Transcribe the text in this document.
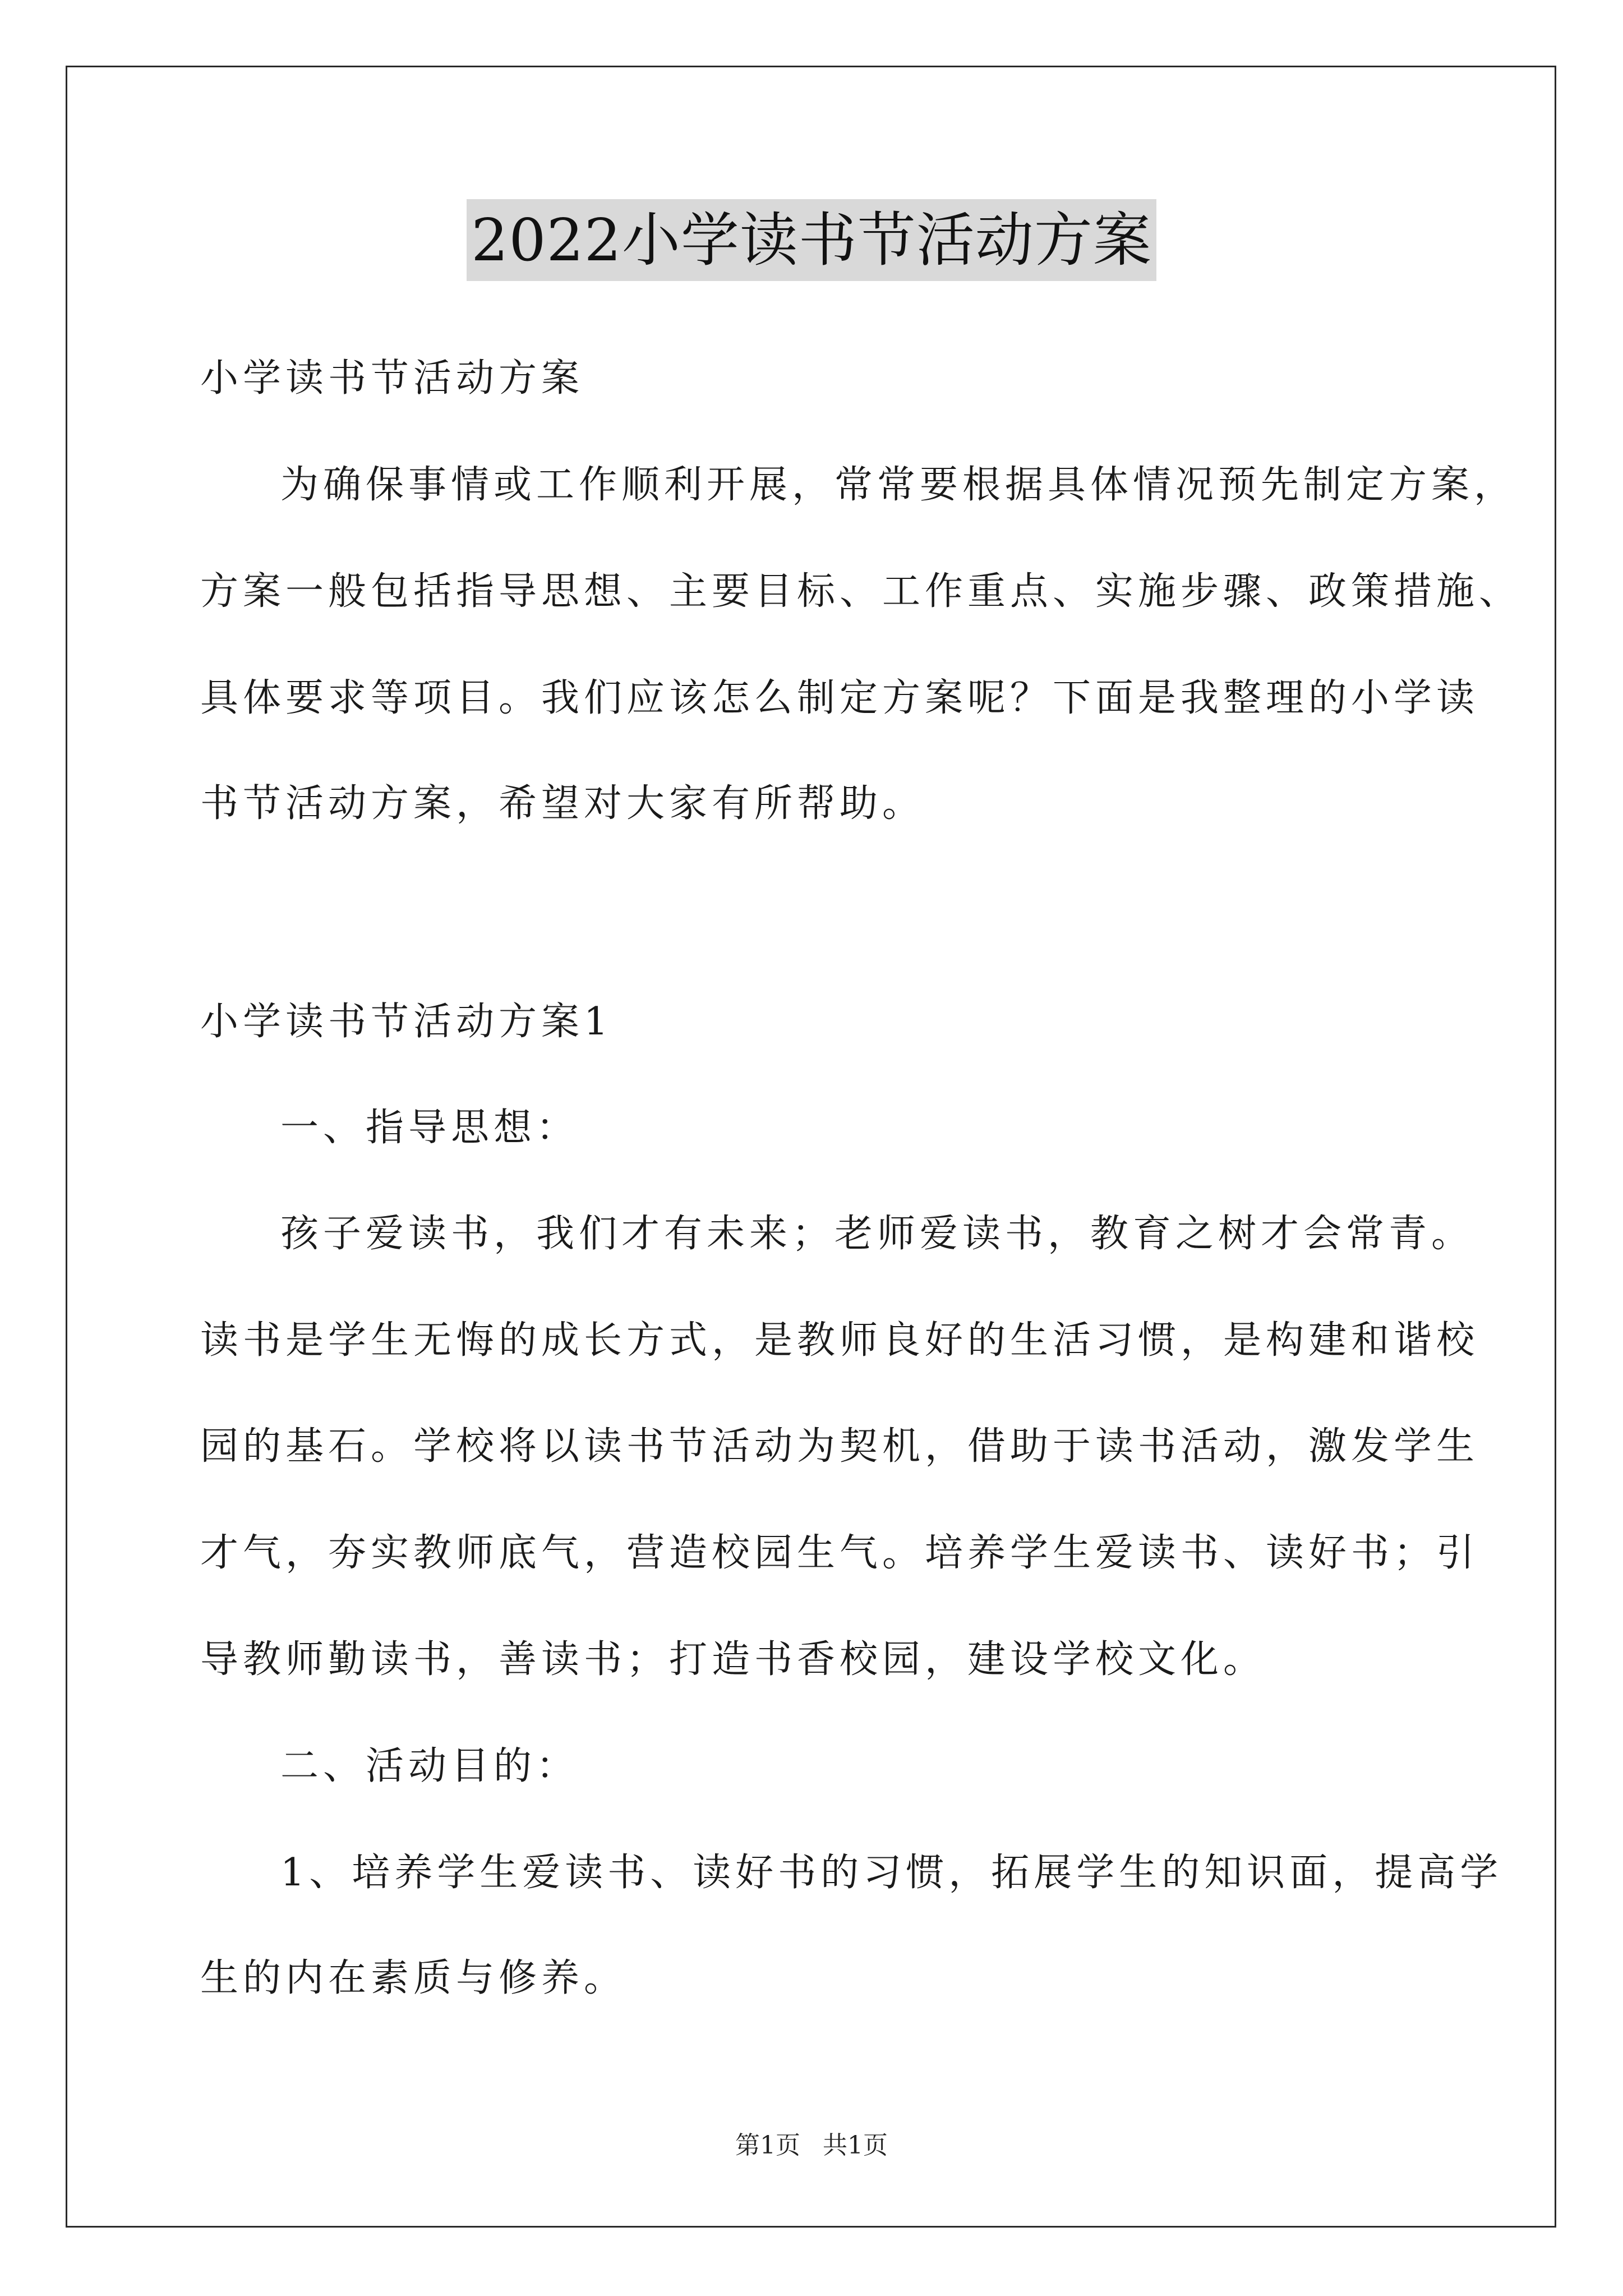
2022小学读书节活动方案
小学读书节活动方案
为确保事情或工作顺利开展，常常要根据具体情况预先制定方案，
方案一般包括指导思想、主要目标、工作重点、实施步骤、政策措施、
具体要求等项目。我们应该怎么制定方案呢？下面是我整理的小学读
书节活动方案，希望对大家有所帮助。
小学读书节活动方案1
一、指导思想：
孩子爱读书，我们才有未来；老师爱读书，教育之树才会常青。
读书是学生无悔的成长方式，是教师良好的生活习惯，是构建和谐校
园的基石。学校将以读书节活动为契机，借助于读书活动，激发学生
才气，夯实教师底气，营造校园生气。培养学生爱读书、读好书；引
导教师勤读书，善读书；打造书香校园，建设学校文化。
二、活动目的：
1、培养学生爱读书、读好书的习惯，拓展学生的知识面，提高学
生的内在素质与修养。
第1页 共1页
